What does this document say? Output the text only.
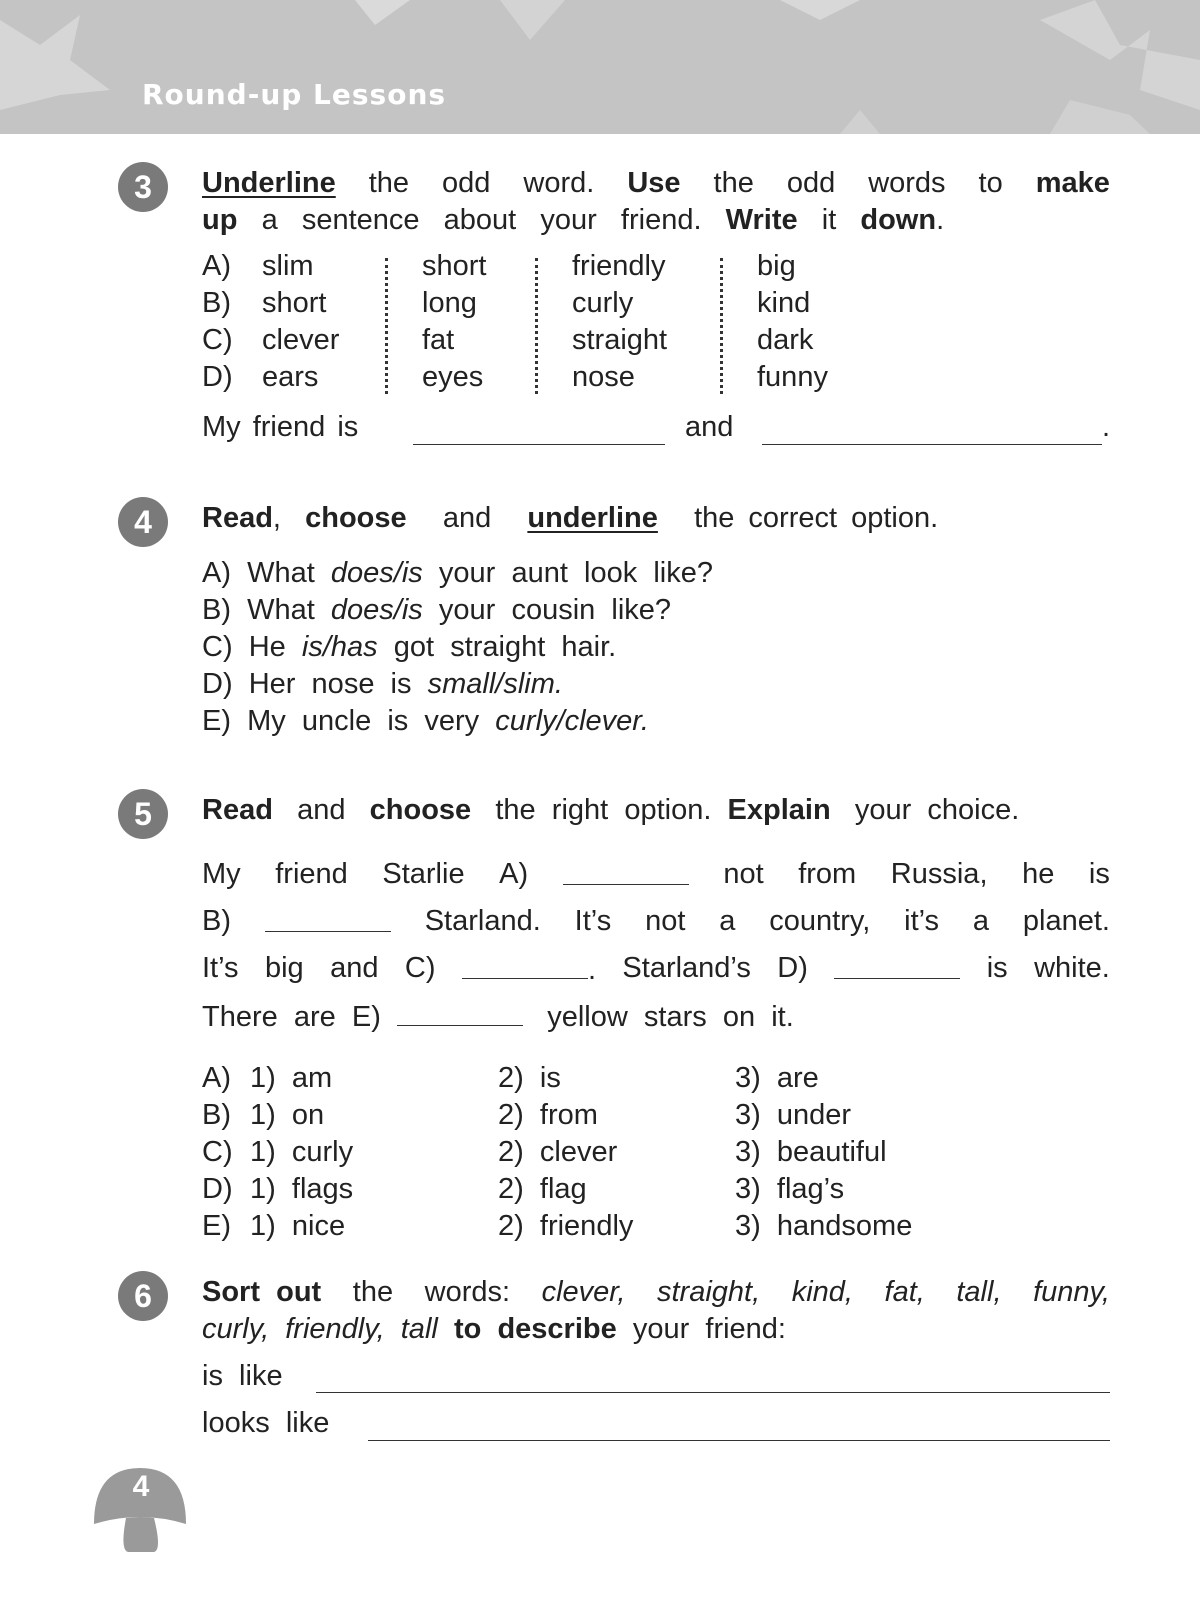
Round-up Lessons
3	Underline the odd word. Use the odd words to make
up a sentence about your friend. Write it down.
A) slim	short	friendly	big
B) short	long	curly	kind
C) clever	fat	straight	dark
D) ears	eyes	nose	funny
My friend is	and	.
4	Read, choose and underline the correct option.
A)  What  does/is  your  aunt  look  like?
B)  What  does/is  your  cousin  like?
C)  He  is/has  got  straight  hair.
D)  Her  nose  is  small/slim.
E)  My  uncle  is  very  curly/clever.
5	Read and choose the  right  option. Explain your  choice.
My friend Starlie A)	not from Russia, he is
B)	Starland. It’s not a country, it’s a planet.
It’s big and C)	. Starland’s D)	is white.
There  are  E)	yellow  stars  on  it.
A) 1)  am	2)  is	3)  are
B) 1)  on	2)  from	3)  under
C) 1)  curly	2)  clever	3)  beautiful
D) 1)  flags	2)  flag	3)  flag’s
E) 1)  nice	2)  friendly	3)  handsome
6	Sort out the words: clever, straight, kind, fat, tall, funny,
curly,  friendly,  tall to  describe your  friend:
is  like
looks  like
4
